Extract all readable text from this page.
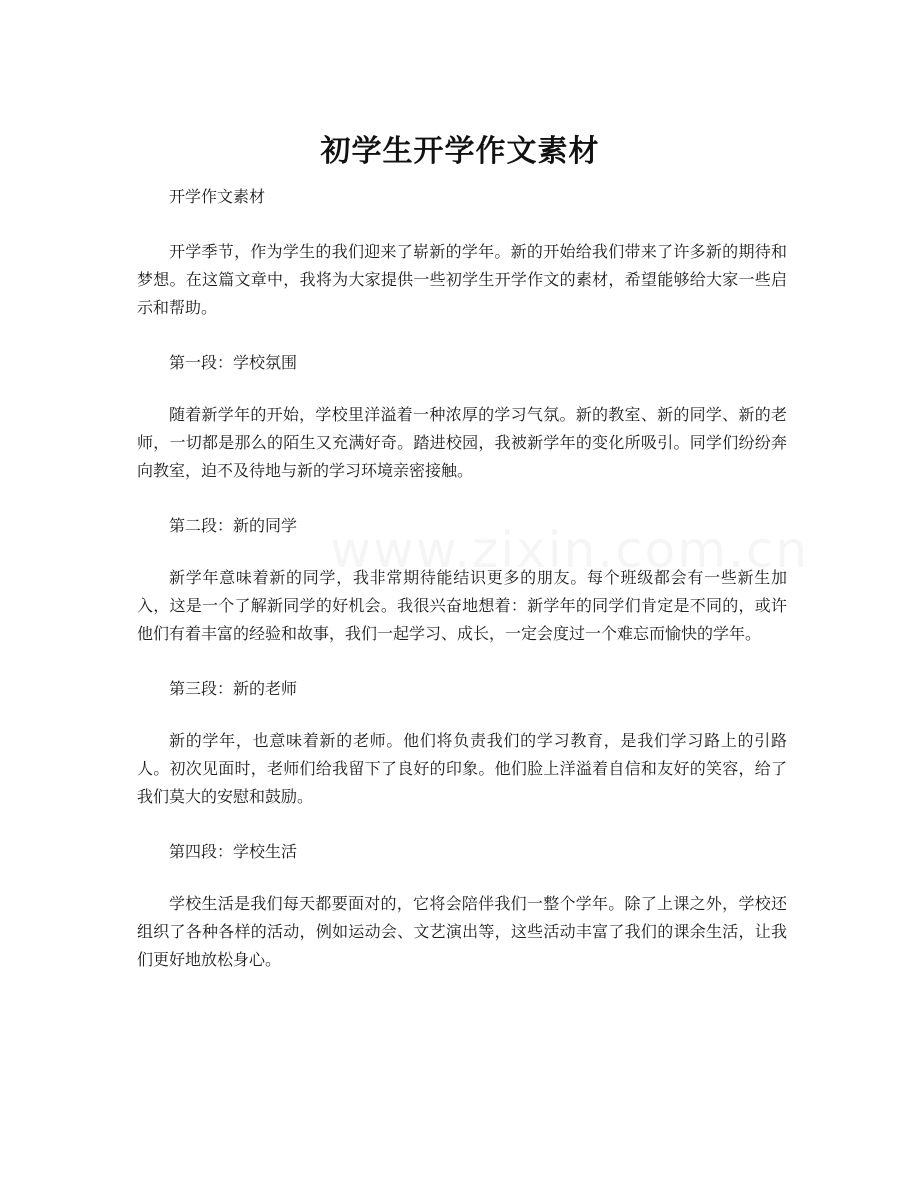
初学生开学作文素材

开学作文素材

开学季节，作为学生的我们迎来了崭新的学年。新的开始给我们带来了许多新的期待和梦想。在这篇文章中，我将为大家提供一些初学生开学作文的素材，希望能够给大家一些启示和帮助。

第一段：学校氛围

随着新学年的开始，学校里洋溢着一种浓厚的学习气氛。新的教室、新的同学、新的老师，一切都是那么的陌生又充满好奇。踏进校园，我被新学年的变化所吸引。同学们纷纷奔向教室，迫不及待地与新的学习环境亲密接触。

第二段：新的同学

新学年意味着新的同学，我非常期待能结识更多的朋友。每个班级都会有一些新生加入，这是一个了解新同学的好机会。我很兴奋地想着：新学年的同学们肯定是不同的，或许他们有着丰富的经验和故事，我们一起学习、成长，一定会度过一个难忘而愉快的学年。

第三段：新的老师

新的学年，也意味着新的老师。他们将负责我们的学习教育，是我们学习路上的引路人。初次见面时，老师们给我留下了良好的印象。他们脸上洋溢着自信和友好的笑容，给了我们莫大的安慰和鼓励。

第四段：学校生活

学校生活是我们每天都要面对的，它将会陪伴我们一整个学年。除了上课之外，学校还组织了各种各样的活动，例如运动会、文艺演出等，这些活动丰富了我们的课余生活，让我们更好地放松身心。
